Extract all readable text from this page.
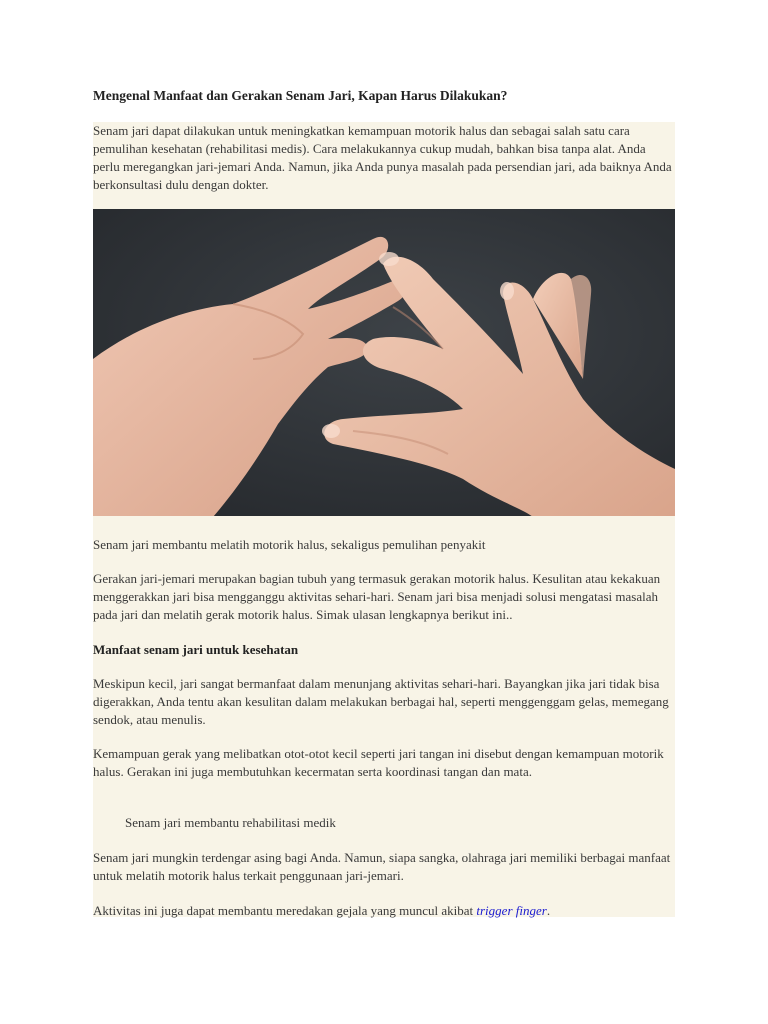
Mengenal Manfaat dan Gerakan Senam Jari, Kapan Harus Dilakukan?
Senam jari dapat dilakukan untuk meningkatkan kemampuan motorik halus dan sebagai salah satu cara pemulihan kesehatan (rehabilitasi medis). Cara melakukannya cukup mudah, bahkan bisa tanpa alat. Anda perlu meregangkan jari-jemari Anda. Namun, jika Anda punya masalah pada persendian jari, ada baiknya Anda berkonsultasi dulu dengan dokter.
Senam jari membantu melatih motorik halus, sekaligus pemulihan penyakit
Gerakan jari-jemari merupakan bagian tubuh yang termasuk gerakan motorik halus. Kesulitan atau kekakuan menggerakkan jari bisa mengganggu aktivitas sehari-hari. Senam jari bisa menjadi solusi mengatasi masalah pada jari dan melatih gerak motorik halus. Simak ulasan lengkapnya berikut ini..
Manfaat senam jari untuk kesehatan
Meskipun kecil, jari sangat bermanfaat dalam menunjang aktivitas sehari-hari. Bayangkan jika jari tidak bisa digerakkan, Anda tentu akan kesulitan dalam melakukan berbagai hal, seperti menggenggam gelas, memegang sendok, atau menulis.
Kemampuan gerak yang melibatkan otot-otot kecil seperti jari tangan ini disebut dengan kemampuan motorik halus. Gerakan ini juga membutuhkan kecermatan serta koordinasi tangan dan mata.
Senam jari membantu rehabilitasi medik
Senam jari mungkin terdengar asing bagi Anda. Namun, siapa sangka, olahraga jari memiliki berbagai manfaat untuk melatih motorik halus terkait penggunaan jari-jemari.
Aktivitas ini juga dapat membantu meredakan gejala yang muncul akibat trigger finger.
